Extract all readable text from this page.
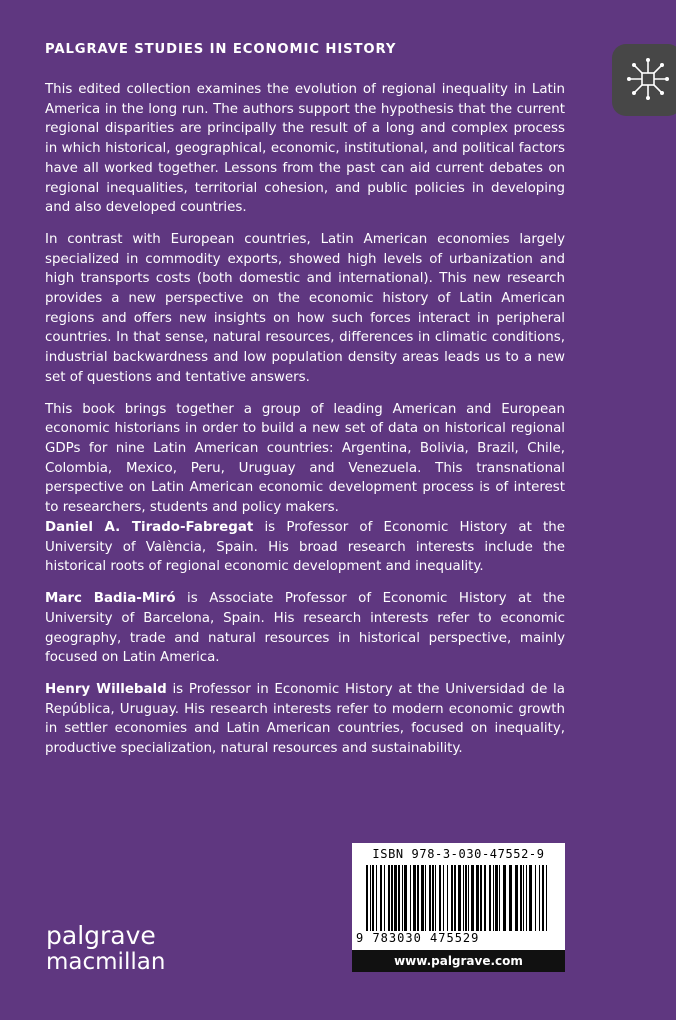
PALGRAVE STUDIES IN ECONOMIC HISTORY

This edited collection examines the evolution of regional inequality in Latin America in the long run. The authors support the hypothesis that the current regional disparities are principally the result of a long and complex process in which historical, geographical, economic, institutional, and political factors have all worked together. Lessons from the past can aid current debates on regional inequalities, territorial cohesion, and public policies in developing and also developed countries.

In contrast with European countries, Latin American economies largely specialized in commodity exports, showed high levels of urbanization and high transports costs (both domestic and international). This new research provides a new perspective on the economic history of Latin American regions and offers new insights on how such forces interact in peripheral countries. In that sense, natural resources, differences in climatic conditions, industrial backwardness and low population density areas leads us to a new set of questions and tentative answers.

This book brings together a group of leading American and European economic historians in order to build a new set of data on historical regional GDPs for nine Latin American countries: Argentina, Bolivia, Brazil, Chile, Colombia, Mexico, Peru, Uruguay and Venezuela. This transnational perspective on Latin American economic development process is of interest to researchers, students and policy makers.

Daniel A. Tirado-Fabregat is Professor of Economic History at the University of València, Spain. His broad research interests include the historical roots of regional economic development and inequality.

Marc Badia-Miró is Associate Professor of Economic History at the University of Barcelona, Spain. His research interests refer to economic geography, trade and natural resources in historical perspective, mainly focused on Latin America.

Henry Willebald is Professor in Economic History at the Universidad de la República, Uruguay. His research interests refer to modern economic growth in settler economies and Latin American countries, focused on inequality, productive specialization, natural resources and sustainability.

ISBN 978-3-030-47552-9
9 783030 475529
www.palgrave.com
palgrave
macmillan
